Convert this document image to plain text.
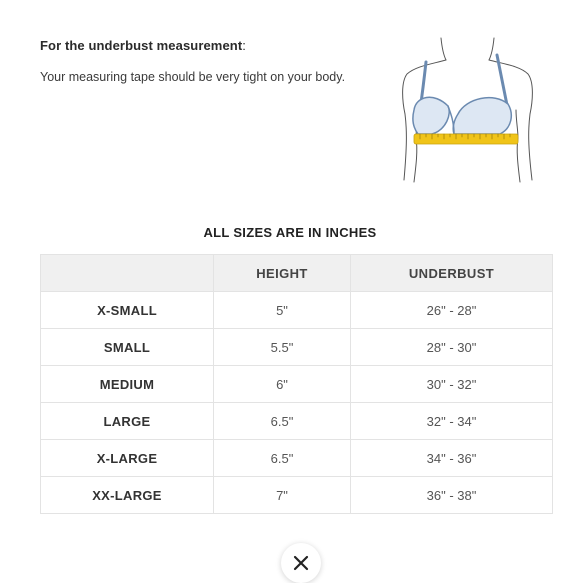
For the underbust measurement:

Your measuring tape should be very tight on your body.

ALL SIZES ARE IN INCHES
	HEIGHT	UNDERBUST
X-SMALL	5"	26" - 28"
SMALL	5.5"	28" - 30"
MEDIUM	6"	30" - 32"
LARGE	6.5"	32" - 34"
X-LARGE	6.5"	34" - 36"
XX-LARGE	7"	36" - 38"
